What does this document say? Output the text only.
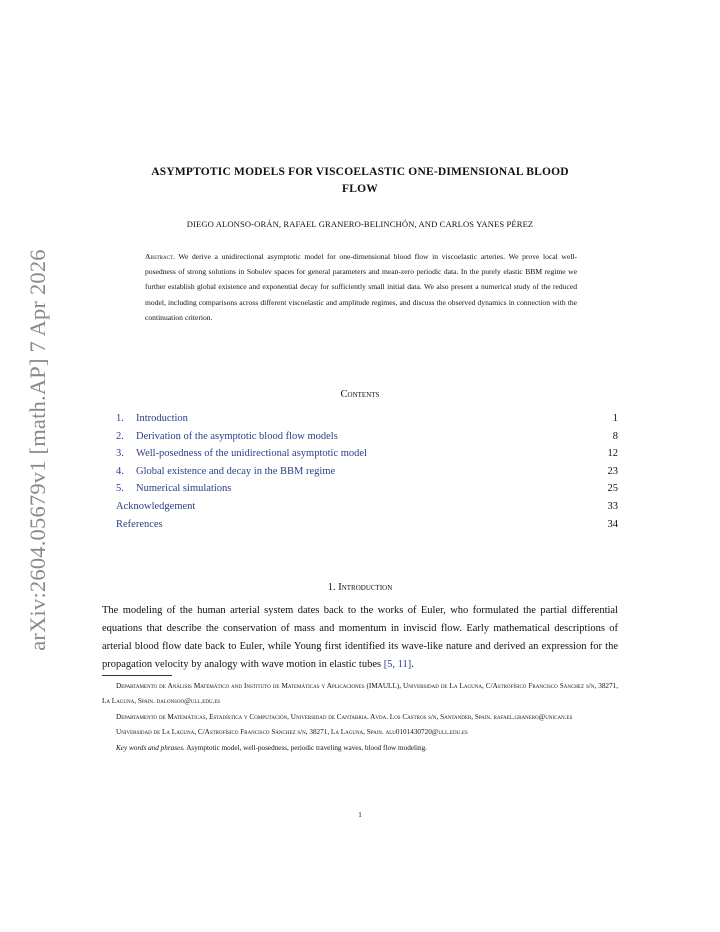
arXiv:2604.05679v1 [math.AP] 7 Apr 2026
ASYMPTOTIC MODELS FOR VISCOELASTIC ONE-DIMENSIONAL BLOOD
FLOW
DIEGO ALONSO-ORÁN, RAFAEL GRANERO-BELINCHÓN, AND CARLOS YANES PÉREZ
Abstract. We derive a unidirectional asymptotic model for one-dimensional blood flow in viscoelastic arteries. We prove local well-posedness of strong solutions in Sobolev spaces for general parameters and mean-zero periodic data. In the purely elastic BBM regime we further establish global existence and exponential decay for sufficiently small initial data. We also present a numerical study of the reduced model, including comparisons across different viscoelastic and amplitude regimes, and discuss the observed dynamics in connection with the continuation criterion.
Contents
1. Introduction	1
2. Derivation of the asymptotic blood flow models	8
3. Well-posedness of the unidirectional asymptotic model	12
4. Global existence and decay in the BBM regime	23
5. Numerical simulations	25
Acknowledgement	33
References	34
1. Introduction
The modeling of the human arterial system dates back to the works of Euler, who formulated the partial differential equations that describe the conservation of mass and momentum in inviscid flow. Early mathematical descriptions of arterial blood flow date back to Euler, while Young first identified its wave-like nature and derived an expression for the propagation velocity by analogy with wave motion in elastic tubes [5, 11].

Departamento de Análisis Matemático and Instituto de Matemáticas y Aplicaciones (IMAULL), Universidad de La Laguna, C/Astrofísico Francisco Sánchez s/n, 38271, La Laguna, Spain. dalonsoo@ull.edu.es

Departamento de Matemáticas, Estadística y Computación, Universidad de Cantabria. Avda. Los Castros s/n, Santander, Spain. rafael.granero@unican.es

Universidad de La Laguna, C/Astrofísico Francisco Sánchez s/n, 38271, La Laguna, Spain. alu0101430720@ull.edu.es

Key words and phrases. Asymptotic model, well-posedness, periodic traveling waves, blood flow modeling.

1
